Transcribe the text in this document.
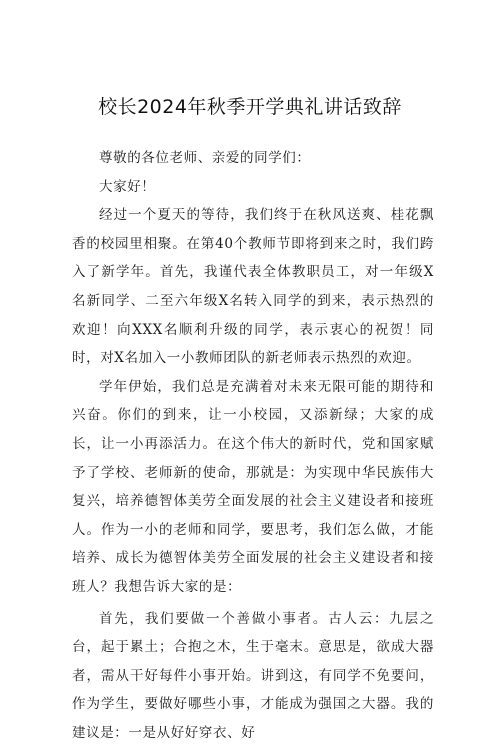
校长2024年秋季开学典礼讲话致辞

尊敬的各位老师、亲爱的同学们：

大家好！

经过一个夏天的等待，我们终于在秋风送爽、桂花飘香的校园里相聚。在第40个教师节即将到来之时，我们跨入了新学年。首先，我谨代表全体教职员工，对一年级X名新同学、二至六年级X名转入同学的到来，表示热烈的欢迎！向XXX名顺利升级的同学，表示衷心的祝贺！同时，对X名加入一小教师团队的新老师表示热烈的欢迎。

学年伊始，我们总是充满着对未来无限可能的期待和兴奋。你们的到来，让一小校园，又添新绿；大家的成长，让一小再添活力。在这个伟大的新时代，党和国家赋予了学校、老师新的使命，那就是：为实现中华民族伟大复兴，培养德智体美劳全面发展的社会主义建设者和接班人。作为一小的老师和同学，要思考，我们怎么做，才能培养、成长为德智体美劳全面发展的社会主义建设者和接班人？我想告诉大家的是：

首先，我们要做一个善做小事者。古人云：九层之台，起于累土；合抱之木，生于毫末。意思是，欲成大器者，需从干好每件小事开始。讲到这，有同学不免要问，作为学生，要做好哪些小事，才能成为强国之大器。我的建议是：一是从好好穿衣、好
